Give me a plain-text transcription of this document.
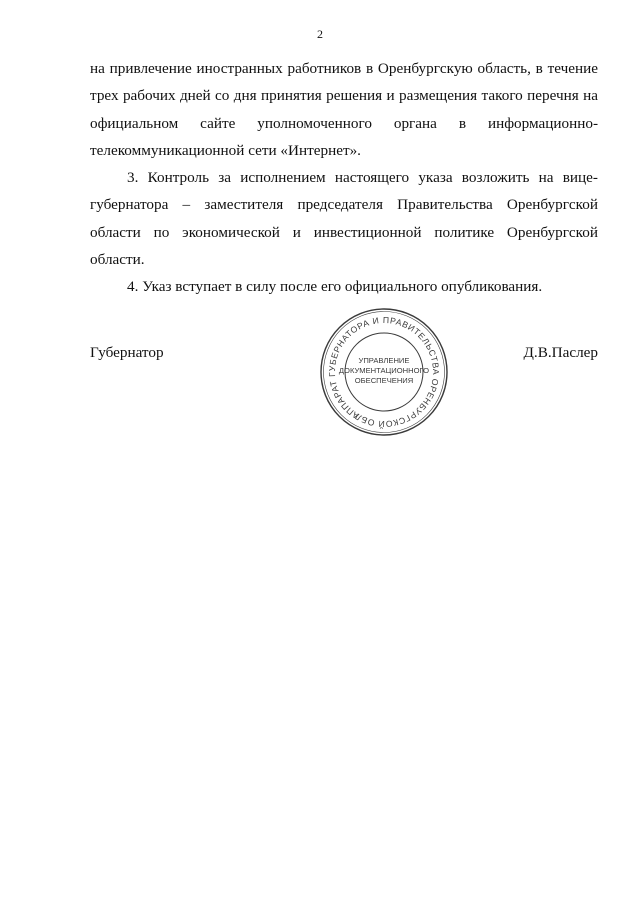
2

на привлечение иностранных работников в Оренбургскую область, в течение

трех рабочих дней со дня принятия решения и размещения такого перечня на

официальном сайте уполномоченного органа в информационно-

телекоммуникационной сети «Интернет».

3. Контроль за исполнением настоящего указа возложить на вице-

губернатора – заместителя председателя Правительства Оренбургской

области по экономической и инвестиционной политике Оренбургской

области.

4. Указ вступает в силу после его официального опубликования.

Губернатор
АППАРАТ ГУБЕРНАТОРА И ПРАВИТЕЛЬСТВА ОРЕНБУРГСКОЙ ОБЛАСТИ
УПРАВЛЕНИЕ
ДОКУМЕНТАЦИОННОГО
ОБЕСПЕЧЕНИЯ
Д.В.Паслер
